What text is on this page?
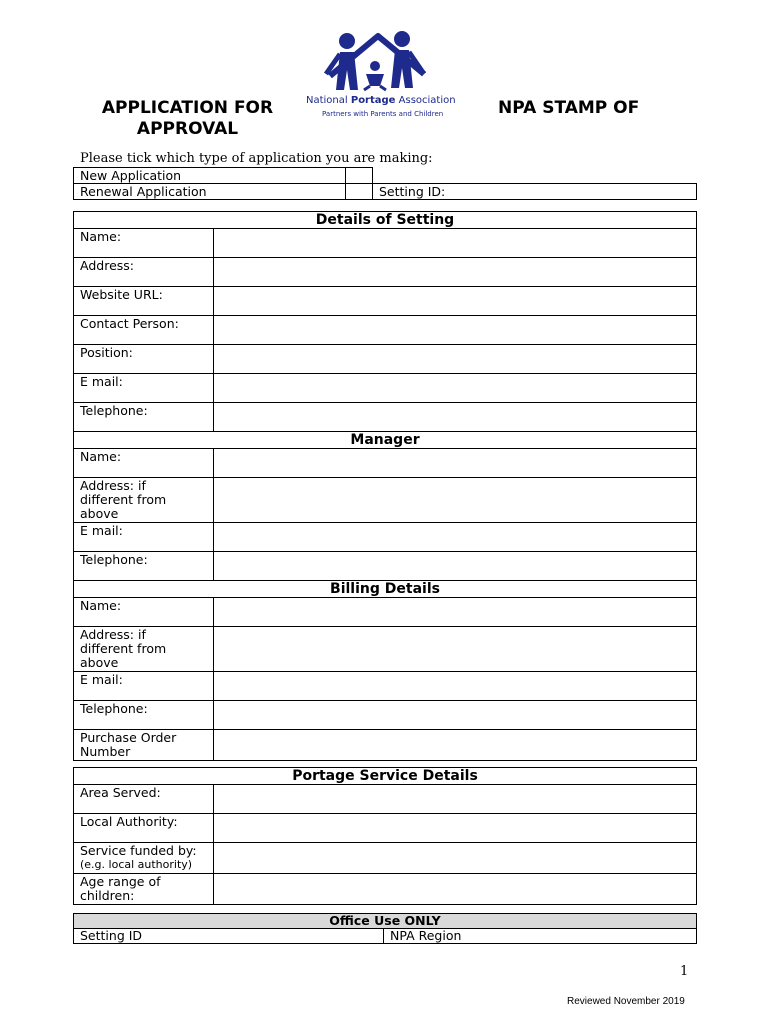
APPLICATION FOR
APPROVAL
National Portage Association
Partners with Parents and Children	NPA STAMP OF
Please tick which type of application you are making:
New Application		
Renewal Application		Setting ID:
Details of Setting	
Name:	
Address:	
Website URL:	
Contact Person:	
Position:	
E mail:	
Telephone:	
Manager	
Name:	

Address: if
different from
above	

E mail:	
Telephone:	
Billing Details	
Name:	

Address: if
different from
above	

E mail:	
Telephone:	

Purchase Order
Number	

Portage Service Details	
Area Served:	
Local Authority:	

Service funded by:
(e.g. local authority)	

Age range of
children:	

Office Use ONLY
Setting ID	NPA Region
1
Reviewed November 2019
